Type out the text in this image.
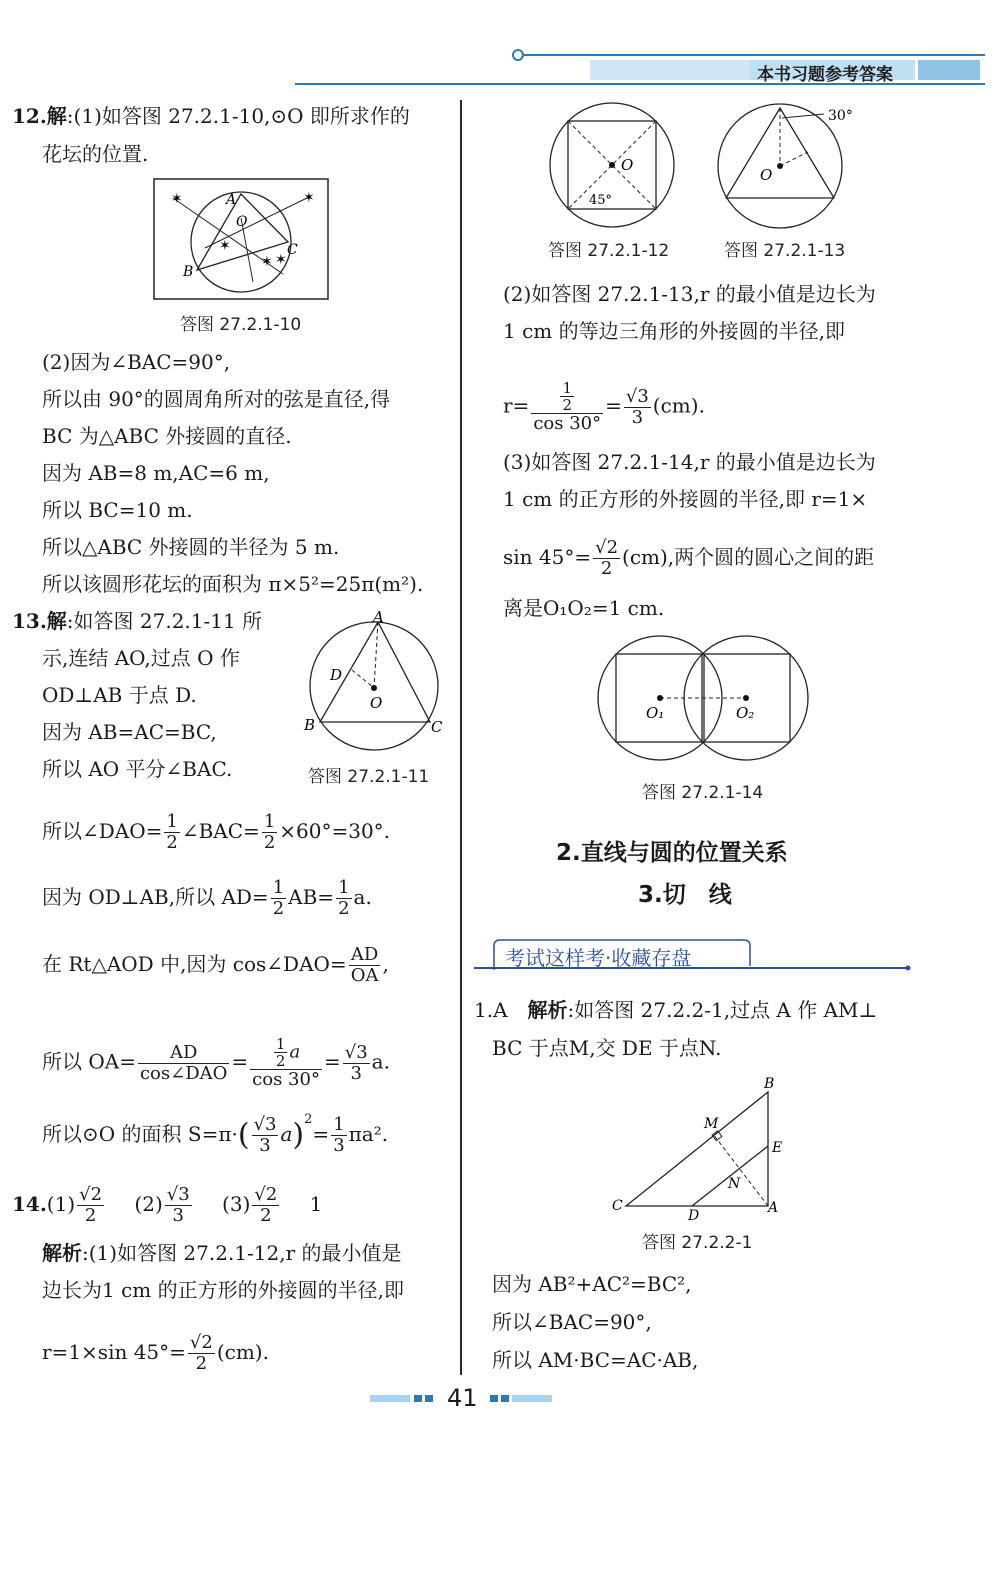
本书习题参考答案
12.解:(1)如答图 27.2.1-10,⊙O 即所求作的
花坛的位置.
✶	✶
✶
✶ ✶
A
O
B
C
答图 27.2.1-10
(2)因为∠BAC=90°,
所以由 90°的圆周角所对的弦是直径,得
BC 为△ABC 外接圆的直径.
因为 AB=8 m,AC=6 m,
所以 BC=10 m.
所以△ABC 外接圆的半径为 5 m.
所以该圆形花坛的面积为 π×5²=25π(m²).
13.解:如答图 27.2.1-11 所
示,连结 AO,过点 O 作
OD⊥AB 于点 D.
因为 AB=AC=BC,
所以 AO 平分∠BAC.
A
D
O
B	C
答图 27.2.1-11
所以∠DAO= $\frac{1}{2}$ ∠BAC= $\frac{1}{2} \times 60^\circ=30^\circ$.
因为 OD⊥AB,所以 $AD= \frac{1}{2} AB= \frac{1}{2} a$.
在 Rt△AOD 中,因为 cos∠DAO= $\frac{AD}{OA}$ ,
所以 $OA= \frac{AD}{\text{cos∠DAO}} = \frac{\frac{1}{2} a}{\cos 30^\circ} = \frac{√3}{3} a$.
所以⊙O 的面积 $S=\pi\cdot( \frac{√3}{3} a)^2= \frac{1}{3} \pi a^2$.
$14.(1) \frac{√2}{2} (2) \frac{√3}{3} (3) \frac{√2}{2} 1$
解析:(1)如答图 27.2.1-12,r 的最小值是
边长为1 cm 的正方形的外接圆的半径,即
r=1×sin $45^\circ= \frac{√2}{2} (cm)$.
O
45°
答图 27.2.1-12
O
30°
答图 27.2.1-13
(2)如答图 27.2.1-13,r 的最小值是边长为
1 cm 的等边三角形的外接圆的半径,即
$r= \frac{\frac{1}{2}}{\cos 30^\circ} = \frac{√3}{3} (cm)$.
(3)如答图 27.2.1-14,r 的最小值是边长为
1 cm 的正方形的外接圆的半径,即 r=1×
$\sin 45^\circ= \frac{√2}{2} (cm)$,两个圆的圆心之间的距
离是O₁O₂=1 cm.
O₁	O₂
答图 27.2.1-14
2.直线与圆的位置关系
3.切　线
考试这样考·收藏存盘
1.A　 解析:如答图 27.2.2-1,过点 A 作 AM⊥
BC 于点M,交 DE 于点N.
B
M
E
N
C
D	A
答图 27.2.2-1
因为 AB²+AC²=BC²,
所以∠BAC=90°,
所以 AM·BC=AC·AB,
41
